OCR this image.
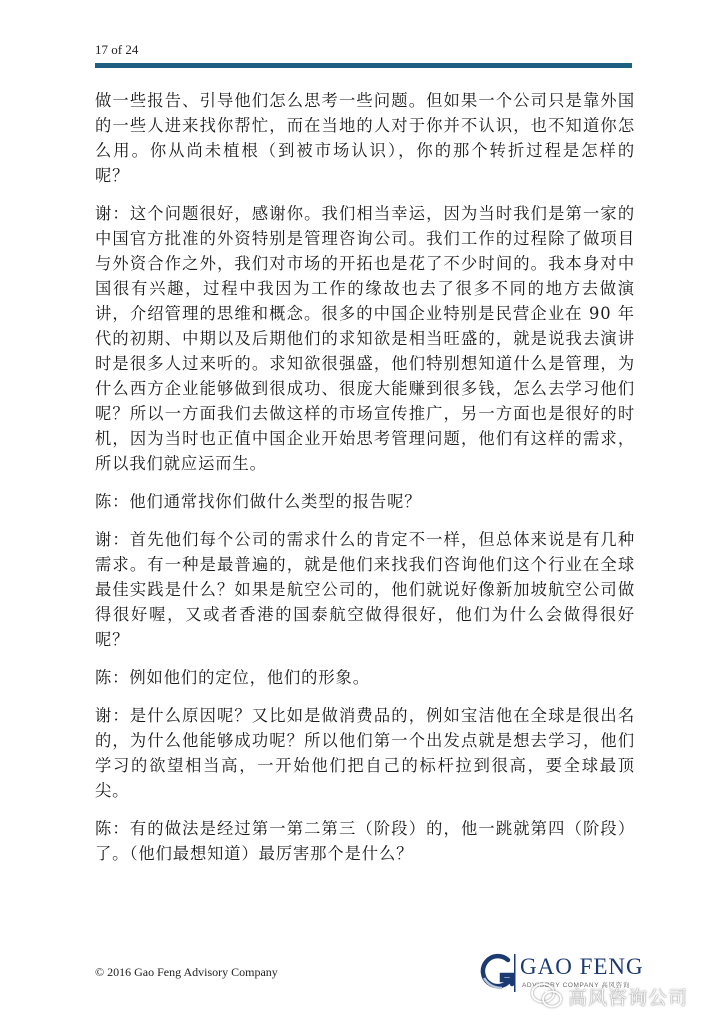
17 of 24

做一些报告、引导他们怎么思考一些问题。但如果一个公司只是靠外国的一些人进来找你帮忙，而在当地的人对于你并不认识，也不知道你怎么用。你从尚未植根（到被市场认识），你的那个转折过程是怎样的呢？

谢：这个问题很好，感谢你。我们相当幸运，因为当时我们是第一家的中国官方批准的外资特别是管理咨询公司。我们工作的过程除了做项目与外资合作之外，我们对市场的开拓也是花了不少时间的。我本身对中国很有兴趣，过程中我因为工作的缘故也去了很多不同的地方去做演讲，介绍管理的思维和概念。很多的中国企业特别是民营企业在 90 年代的初期、中期以及后期他们的求知欲是相当旺盛的，就是说我去演讲时是很多人过来听的。求知欲很强盛，他们特别想知道什么是管理，为什么西方企业能够做到很成功、很庞大能赚到很多钱，怎么去学习他们呢？所以一方面我们去做这样的市场宣传推广，另一方面也是很好的时机，因为当时也正值中国企业开始思考管理问题，他们有这样的需求，所以我们就应运而生。

陈：他们通常找你们做什么类型的报告呢？

谢：首先他们每个公司的需求什么的肯定不一样，但总体来说是有几种需求。有一种是最普遍的，就是他们来找我们咨询他们这个行业在全球最佳实践是什么？如果是航空公司的，他们就说好像新加坡航空公司做得很好喔，又或者香港的国泰航空做得很好，他们为什么会做得很好呢？

陈：例如他们的定位，他们的形象。

谢：是什么原因呢？又比如是做消费品的，例如宝洁他在全球是很出名的，为什么他能够成功呢？所以他们第一个出发点就是想去学习，他们学习的欲望相当高，一开始他们把自己的标杆拉到很高，要全球最顶尖。

陈：有的做法是经过第一第二第三（阶段）的，他一跳就第四（阶段）了。（他们最想知道）最厉害那个是什么？

© 2016 Gao Feng Advisory Company	GAO FENG
ADVISORY COMPANY 高风咨询
高风咨询公司
